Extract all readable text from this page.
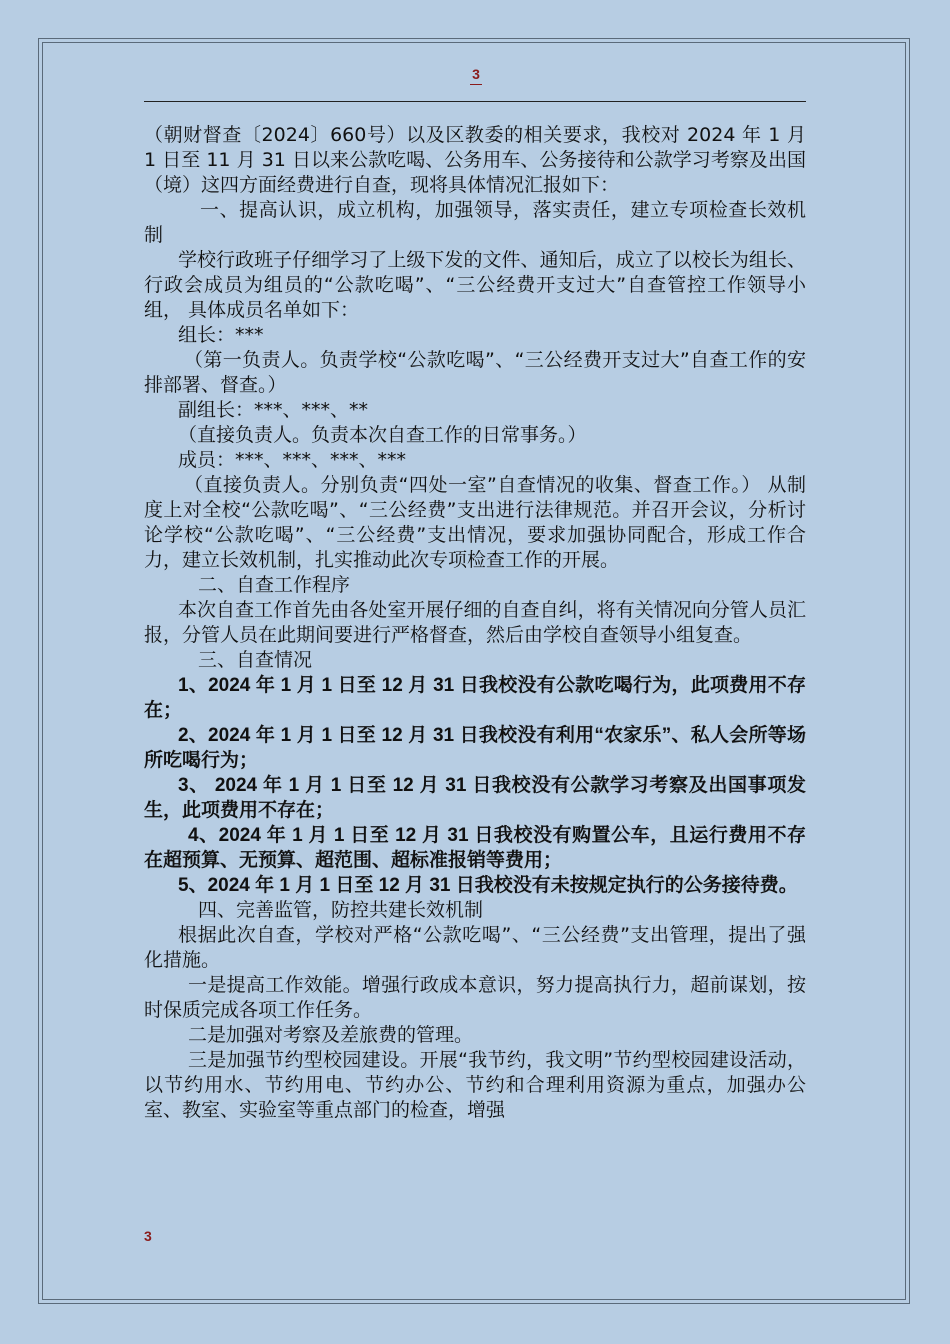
3

（朝财督查〔2024〕660号）以及区教委的相关要求，我校对 2024 年 1 月 1 日至 11 月 31 日以来公款吃喝、公务用车、公务接待和公款学习考察及出国（境）这四方面经费进行自查，现将具体情况汇报如下：

一、提高认识，成立机构，加强领导，落实责任，建立专项检查长效机制

学校行政班子仔细学习了上级下发的文件、通知后，成立了以校长为组长、行政会成员为组员的“公款吃喝”、“三公经费开支过大”自查管控工作领导小组， 具体成员名单如下：

组长：***

（第一负责人。负责学校“公款吃喝”、“三公经费开支过大”自查工作的安排部署、督查。）

副组长：***、***、**

（直接负责人。负责本次自查工作的日常事务。）

成员：***、***、***、***

（直接负责人。分别负责“四处一室”自查情况的收集、督查工作。） 从制度上对全校“公款吃喝”、“三公经费”支出进行法律规范。并召开会议，分析讨论学校“公款吃喝”、“三公经费”支出情况，要求加强协同配合，形成工作合力，建立长效机制，扎实推动此次专项检查工作的开展。

二、自查工作程序

本次自查工作首先由各处室开展仔细的自查自纠，将有关情况向分管人员汇报，分管人员在此期间要进行严格督查，然后由学校自查领导小组复查。

三、自查情况

1、2024 年 1 月 1 日至 12 月 31 日我校没有公款吃喝行为，此项费用不存在；

2、2024 年 1 月 1 日至 12 月 31 日我校没有利用“农家乐”、私人会所等场所吃喝行为；

3、 2024 年 1 月 1 日至 12 月 31 日我校没有公款学习考察及出国事项发生，此项费用不存在；

4、2024 年 1 月 1 日至 12 月 31 日我校没有购置公车，且运行费用不存在超预算、无预算、超范围、超标准报销等费用；

5、2024 年 1 月 1 日至 12 月 31 日我校没有未按规定执行的公务接待费。

四、完善监管，防控共建长效机制

根据此次自查，学校对严格“公款吃喝”、“三公经费”支出管理，提出了强化措施。

一是提高工作效能。增强行政成本意识，努力提高执行力，超前谋划，按时保质完成各项工作任务。

二是加强对考察及差旅费的管理。

三是加强节约型校园建设。开展“我节约，我文明”节约型校园建设活动，以节约用水、节约用电、节约办公、节约和合理利用资源为重点，加强办公室、教室、实验室等重点部门的检查，增强

3
